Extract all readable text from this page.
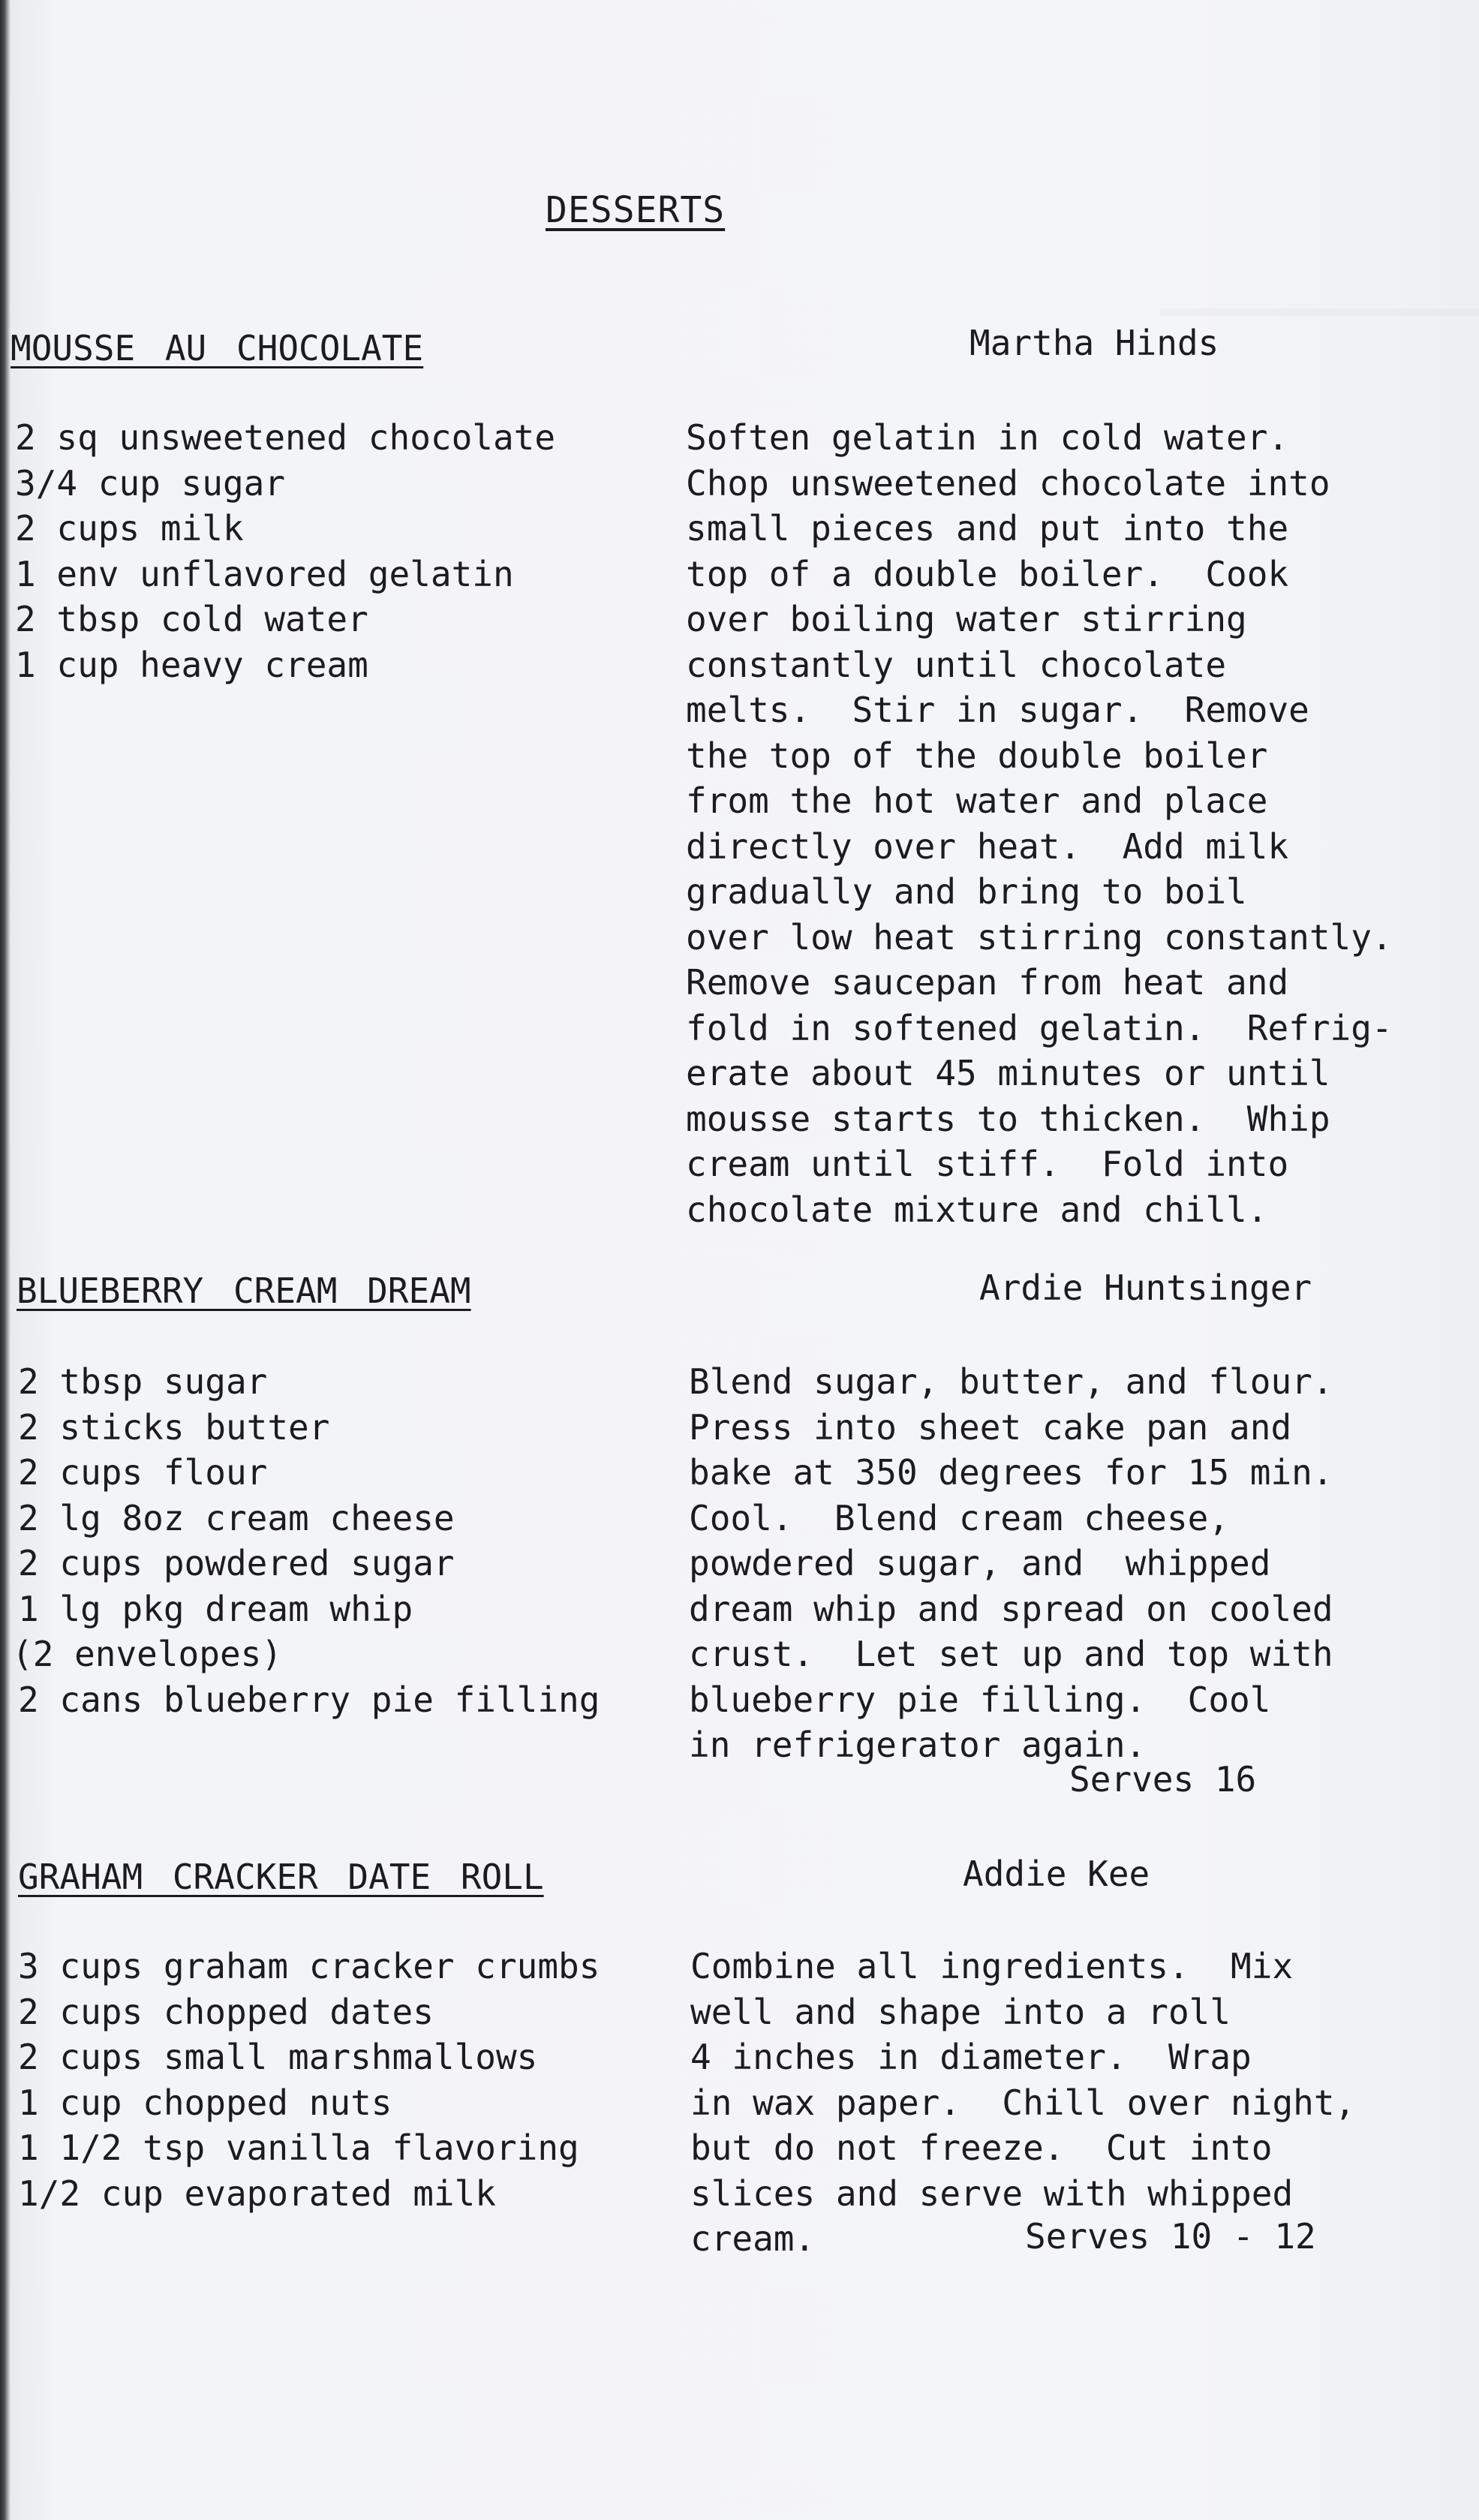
DESSERTS
MOUSSE AU CHOCOLATE	Martha Hinds

2 sq unsweetened chocolate
3/4 cup sugar
2 cups milk
1 env unflavored gelatin
2 tbsp cold water
1 cup heavy cream

Soften gelatin in cold water.
Chop unsweetened chocolate into
small pieces and put into the
top of a double boiler.  Cook
over boiling water stirring
constantly until chocolate
melts.  Stir in sugar.  Remove
the top of the double boiler
from the hot water and place
directly over heat.  Add milk
gradually and bring to boil
over low heat stirring constantly.
Remove saucepan from heat and
fold in softened gelatin.  Refrig-
erate about 45 minutes or until
mousse starts to thicken.  Whip
cream until stiff.  Fold into
chocolate mixture and chill.

BLUEBERRY CREAM DREAM	Ardie Huntsinger

2 tbsp sugar
2 sticks butter
2 cups flour
2 lg 8oz cream cheese
2 cups powdered sugar
1 lg pkg dream whip
(2 envelopes)
2 cans blueberry pie filling

Blend sugar, butter, and flour.
Press into sheet cake pan and
bake at 350 degrees for 15 min.
Cool.  Blend cream cheese,
powdered sugar, and  whipped
dream whip and spread on cooled
crust.  Let set up and top with
blueberry pie filling.  Cool
in refrigerator again.

Serves 16

GRAHAM CRACKER DATE ROLL	Addie Kee

3 cups graham cracker crumbs
2 cups chopped dates
2 cups small marshmallows
1 cup chopped nuts
1 1/2 tsp vanilla flavoring
1/2 cup evaporated milk

Combine all ingredients.  Mix
well and shape into a roll
4 inches in diameter.  Wrap
in wax paper.  Chill over night,
but do not freeze.  Cut into
slices and serve with whipped
cream.	Serves 10 - 12
